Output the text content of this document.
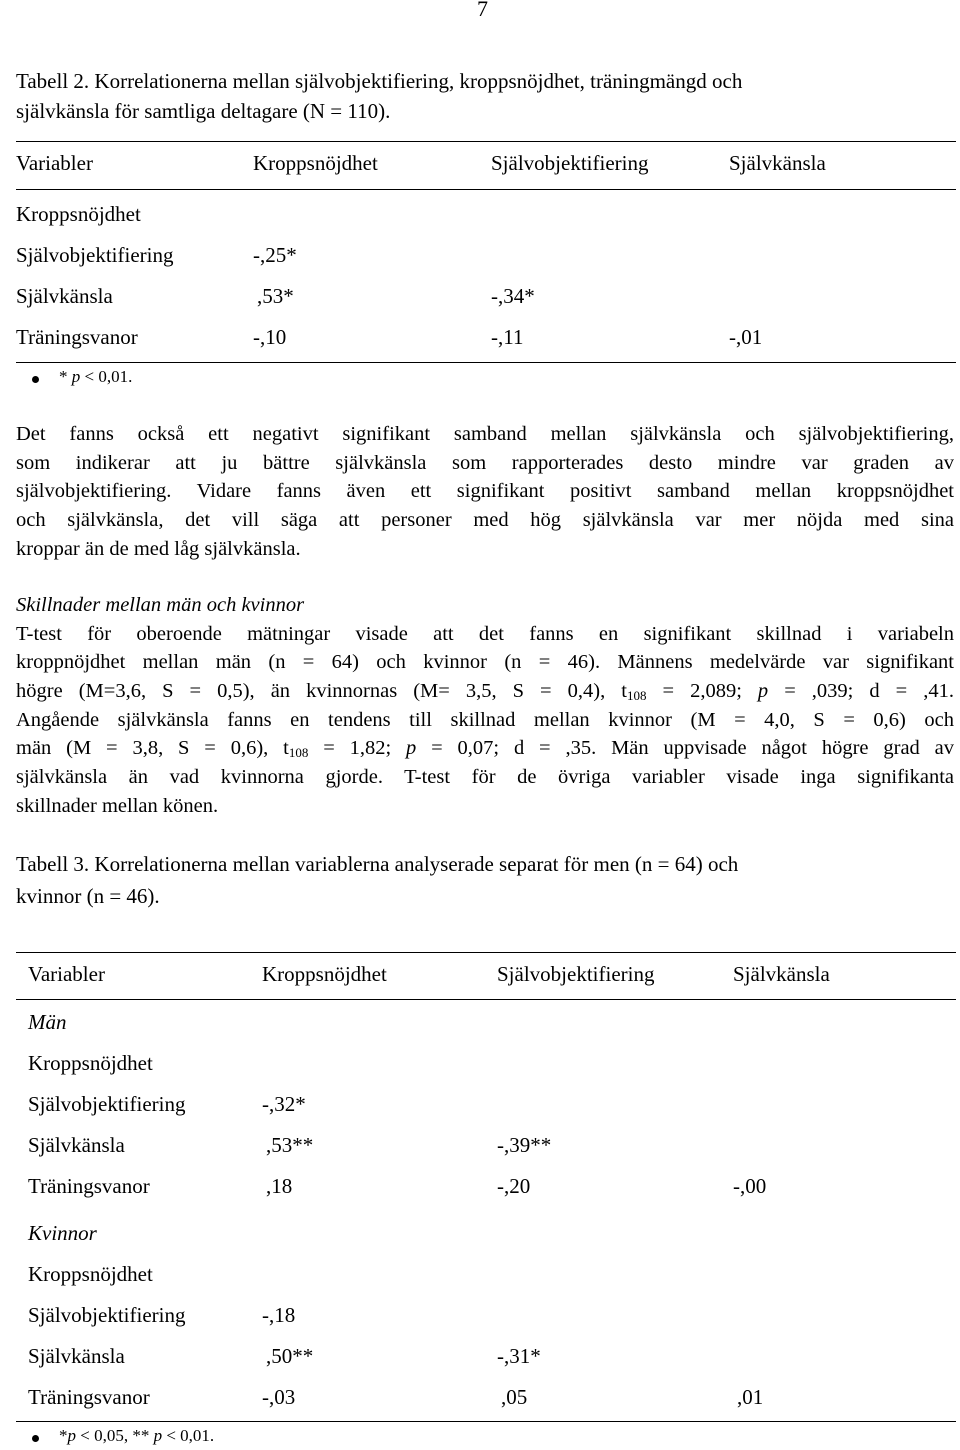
7
Tabell 2. Korrelationerna mellan självobjektifiering, kroppsnöjdhet, träningmängd och
självkänsla för samtliga deltagare (N = 110).
Variabler	Kroppsnöjdhet	Självobjektifiering	Självkänsla
Kroppsnöjdhet
Självobjektifiering	-,25*
Självkänsla	,53*	-,34*
Träningsvanor	-,10	-,11	-,01
* p < 0,01.
Det fanns också ett negativt signifikant samband mellan självkänsla och självobjektifiering,
som indikerar att ju bättre självkänsla som rapporterades desto mindre var graden av
självobjektifiering. Vidare fanns även ett signifikant positivt samband mellan kroppsnöjdhet
och självkänsla, det vill säga att personer med hög självkänsla var mer nöjda med sina
kroppar än de med låg självkänsla.
Skillnader mellan män och kvinnor
T-test för oberoende mätningar visade att det fanns en signifikant skillnad i variabeln
kroppnöjdhet mellan män (n = 64) och kvinnor (n = 46). Männens medelvärde var signifikant
högre (M=3,6, S = 0,5), än kvinnornas (M= 3,5, S = 0,4), $t_{108} = 2,089$; p = ,039; d = ,41.
Angående självkänsla fanns en tendens till skillnad mellan kvinnor (M = 4,0, S = 0,6) och
män (M = 3,8, S = 0,6), $t_{108} = 1,82$; p = 0,07; d = ,35. Män uppvisade något högre grad av
självkänsla än vad kvinnorna gjorde. T-test för de övriga variabler visade inga signifikanta
skillnader mellan könen.
Tabell 3. Korrelationerna mellan variablerna analyserade separat för men (n = 64) och
kvinnor (n = 46).
Variabler	Kroppsnöjdhet	Självobjektifiering	Självkänsla
Män
Kroppsnöjdhet
Självobjektifiering	-,32*
Självkänsla	,53**	-,39**
Träningsvanor	,18	-,20	-,00
Kvinnor
Kroppsnöjdhet
Självobjektifiering	-,18
Självkänsla	,50**	-,31*
Träningsvanor	-,03	,05	,01
*p < 0,05, ** p < 0,01.
